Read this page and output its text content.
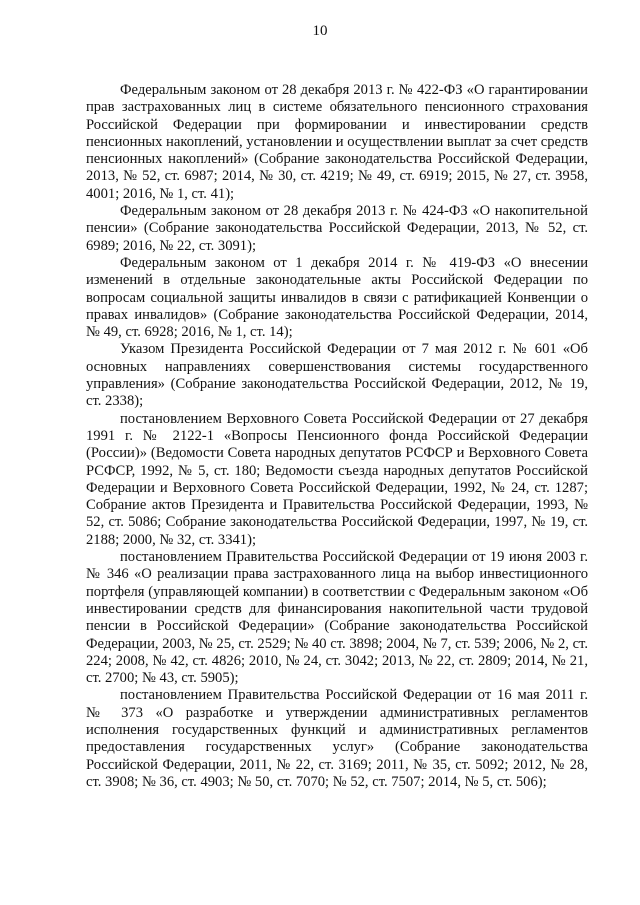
10

Федеральным законом от 28 декабря 2013 г. № 422-ФЗ «О гарантировании прав застрахованных лиц в системе обязательного пенсионного страхования Российской Федерации при формировании и инвестировании средств пенсионных накоплений, установлении и осуществлении выплат за счет средств пенсионных накоплений» (Собрание законодательства Российской Федерации, 2013, № 52, ст. 6987; 2014, № 30, ст. 4219; № 49, ст. 6919; 2015, № 27, ст. 3958, 4001; 2016, № 1, ст. 41);

Федеральным законом от 28 декабря 2013 г. № 424-ФЗ «О накопительной пенсии» (Собрание законодательства Российской Федерации, 2013, № 52, ст. 6989; 2016, № 22, ст. 3091);

Федеральным законом от 1 декабря 2014 г. № 419-ФЗ «О внесении изменений в отдельные законодательные акты Российской Федерации по вопросам социальной защиты инвалидов в связи с ратификацией Конвенции о правах инвалидов» (Собрание законодательства Российской Федерации, 2014, № 49, ст. 6928; 2016, № 1, ст. 14);

Указом Президента Российской Федерации от 7 мая 2012 г. № 601 «Об основных направлениях совершенствования системы государственного управления» (Собрание законодательства Российской Федерации, 2012, № 19, ст. 2338);

постановлением Верховного Совета Российской Федерации от 27 декабря 1991 г. № 2122-1 «Вопросы Пенсионного фонда Российской Федерации (России)» (Ведомости Совета народных депутатов РСФСР и Верховного Совета РСФСР, 1992, № 5, ст. 180; Ведомости съезда народных депутатов Российской Федерации и Верховного Совета Российской Федерации, 1992, № 24, ст. 1287; Собрание актов Президента и Правительства Российской Федерации, 1993, № 52, ст. 5086; Собрание законодательства Российской Федерации, 1997, № 19, ст. 2188; 2000, № 32, ст. 3341);

постановлением Правительства Российской Федерации от 19 июня 2003 г. № 346 «О реализации права застрахованного лица на выбор инвестиционного портфеля (управляющей компании) в соответствии с Федеральным законом «Об инвестировании средств для финансирования накопительной части трудовой пенсии в Российской Федерации» (Собрание законодательства Российской Федерации, 2003, № 25, ст. 2529; № 40 ст. 3898; 2004, № 7, ст. 539; 2006, № 2, ст. 224; 2008, № 42, ст. 4826; 2010, № 24, ст. 3042; 2013, № 22, ст. 2809; 2014, № 21, ст. 2700; № 43, ст. 5905);

постановлением Правительства Российской Федерации от 16 мая 2011 г. № 373 «О разработке и утверждении административных регламентов исполнения государственных функций и административных регламентов предоставления государственных услуг» (Собрание законодательства Российской Федерации, 2011, № 22, ст. 3169; 2011, № 35, ст. 5092; 2012, № 28, ст. 3908; № 36, ст. 4903; № 50, ст. 7070; № 52, ст. 7507; 2014, № 5, ст. 506);
